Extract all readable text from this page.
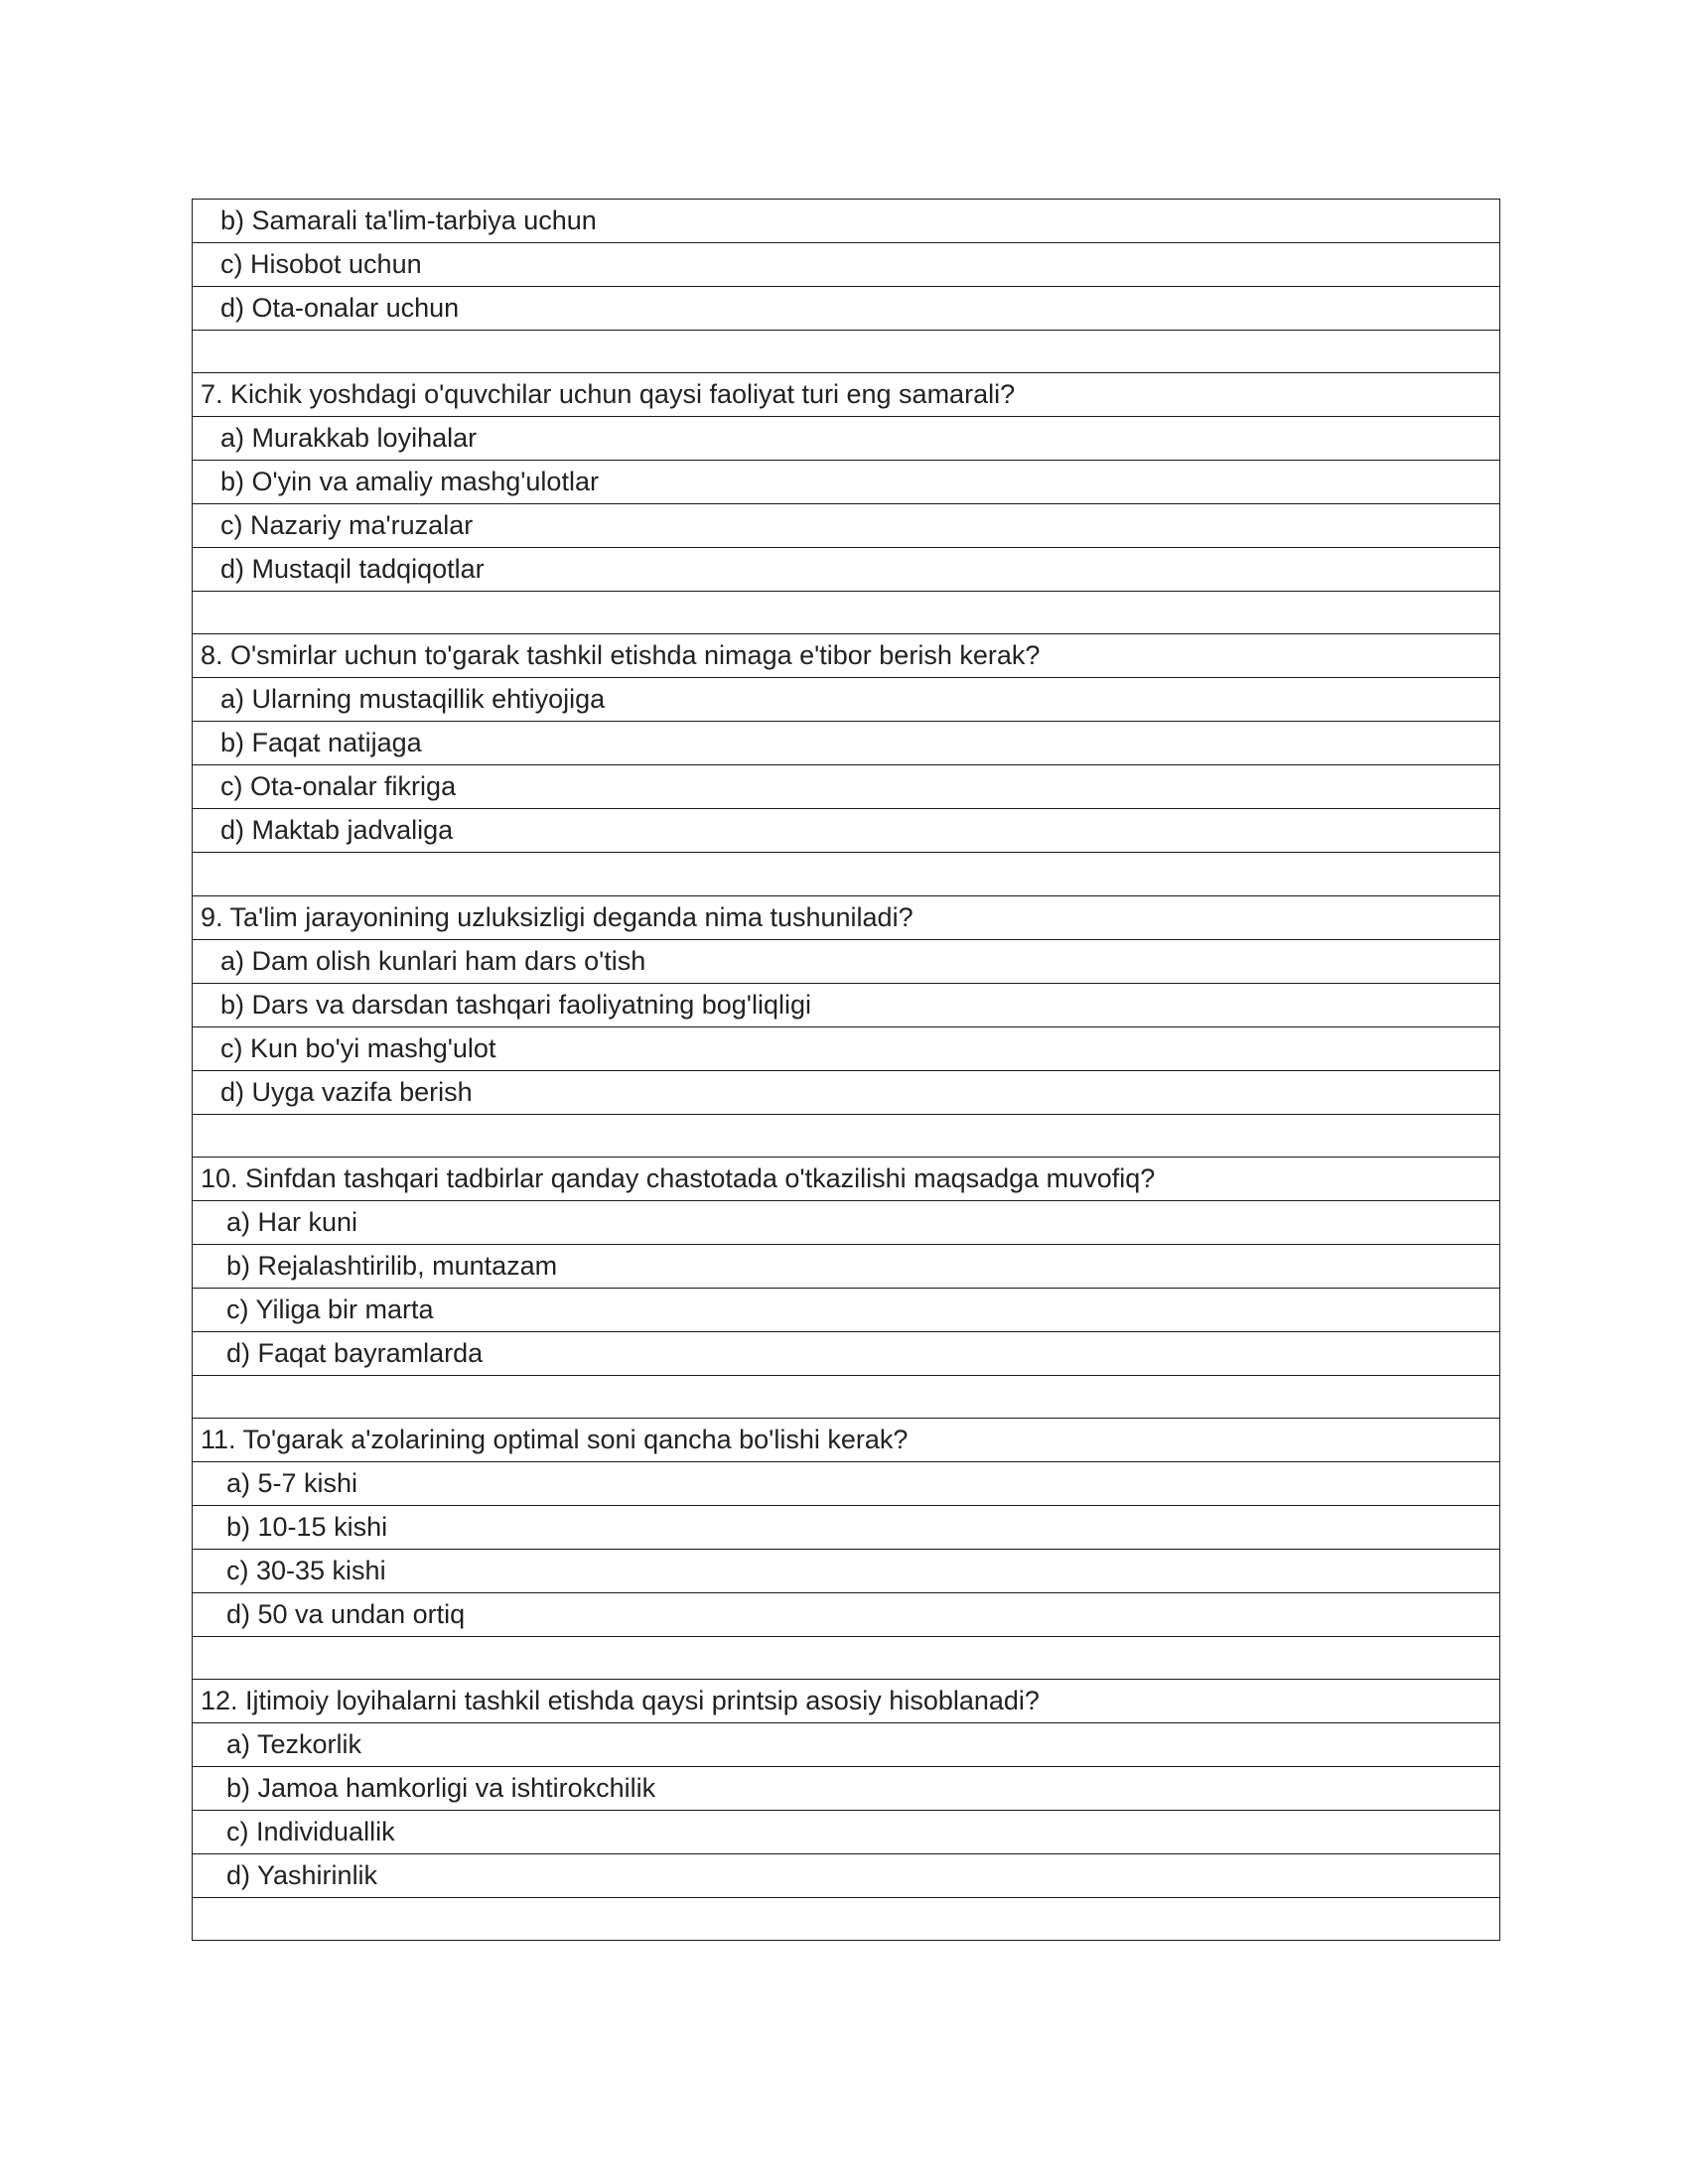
b) Samarali ta'lim-tarbiya uchun
c) Hisobot uchun
d) Ota-onalar uchun

7. Kichik yoshdagi o'quvchilar uchun qaysi faoliyat turi eng samarali?
a) Murakkab loyihalar
b) O'yin va amaliy mashg'ulotlar
c) Nazariy ma'ruzalar
d) Mustaqil tadqiqotlar

8. O'smirlar uchun to'garak tashkil etishda nimaga e'tibor berish kerak?
a) Ularning mustaqillik ehtiyojiga
b) Faqat natijaga
c) Ota-onalar fikriga
d) Maktab jadvaliga

9. Ta'lim jarayonining uzluksizligi deganda nima tushuniladi?
a) Dam olish kunlari ham dars o'tish
b) Dars va darsdan tashqari faoliyatning bog'liqligi
c) Kun bo'yi mashg'ulot
d) Uyga vazifa berish

10. Sinfdan tashqari tadbirlar qanday chastotada o'tkazilishi maqsadga muvofiq?
a) Har kuni
b) Rejalashtirilib, muntazam
c) Yiliga bir marta
d) Faqat bayramlarda

11. To'garak a'zolarining optimal soni qancha bo'lishi kerak?
a) 5-7 kishi
b) 10-15 kishi
c) 30-35 kishi
d) 50 va undan ortiq

12. Ijtimoiy loyihalarni tashkil etishda qaysi printsip asosiy hisoblanadi?
a) Tezkorlik
b) Jamoa hamkorligi va ishtirokchilik
c) Individuallik
d) Yashirinlik
